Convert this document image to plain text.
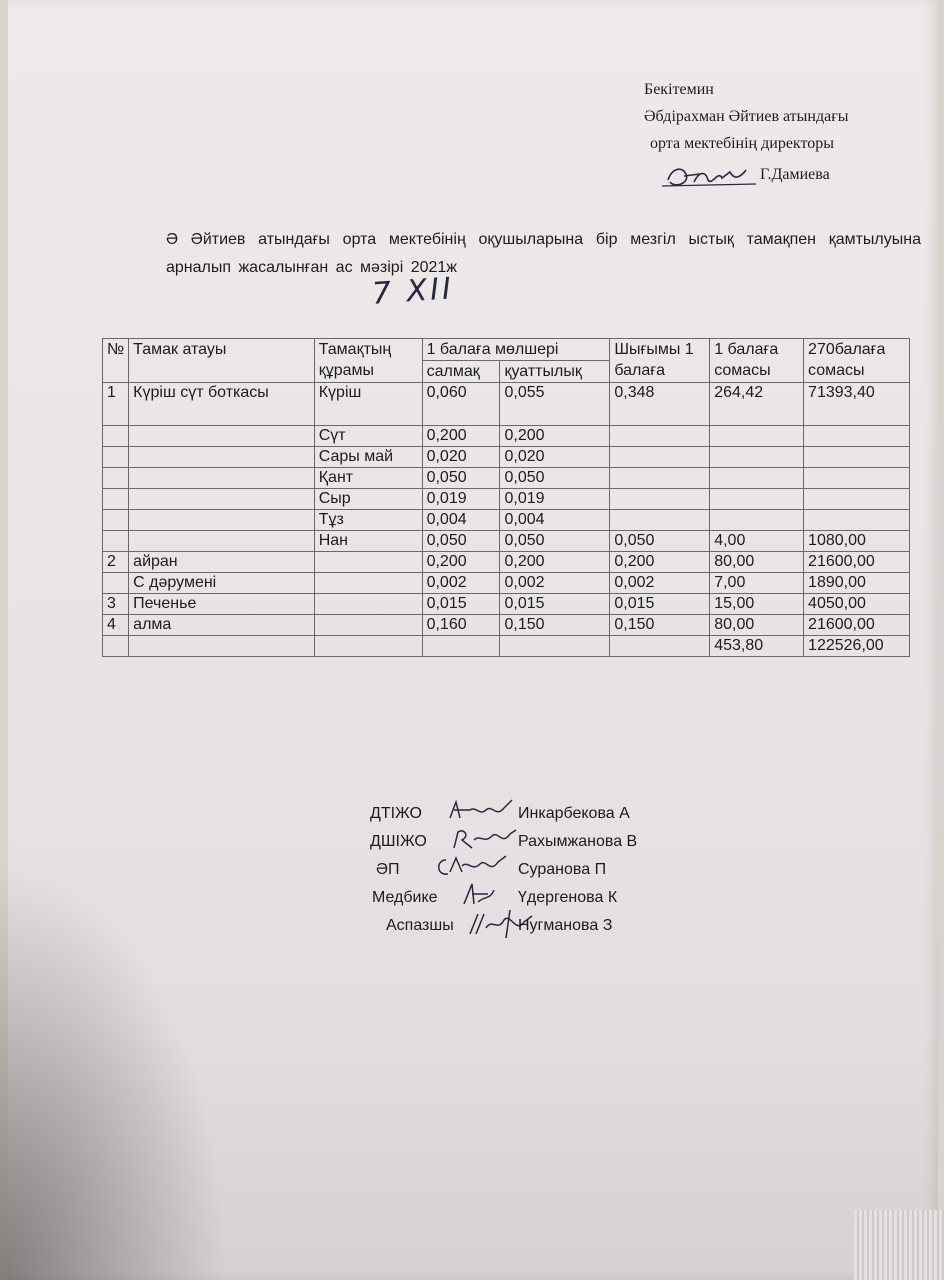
Бекітемин
Әбдірахман Әйтиев атындағы
орта мектебінің директоры
Г.Дамиева
Ә Әйтиев атындағы орта мектебінің оқушыларына бір мезгіл ыстық тамақпен қамтылуына арналып жасалынған ас мәзірі 2021ж
7 XII
№	Тамак атауы	Тамақтың құрамы	1 балаға мөлшері		Шығымы 1 балаға	1 балаға сомасы	270балаға сомасы
			салмақ	қуаттылық			
1	Күріш сүт боткасы	Күріш	0,060	0,055	0,348	264,42	71393,40
		Сүт	0,200	0,200			
		Сары май	0,020	0,020			
		Қант	0,050	0,050			
		Сыр	0,019	0,019			
		Тұз	0,004	0,004			
		Нан	0,050	0,050	0,050	4,00	1080,00
2	айран		0,200	0,200	0,200	80,00	21600,00
	С дәрумені		0,002	0,002	0,002	7,00	1890,00
3	Печенье		0,015	0,015	0,015	15,00	4050,00
4	алма		0,160	0,150	0,150	80,00	21600,00
						453,80	122526,00
ДТІЖО	Инкарбекова А
ДШІЖО	Рахымжанова В
ӘП	Суранова П
Медбике	Үдергенова К
Аспазшы	Нугманова З
